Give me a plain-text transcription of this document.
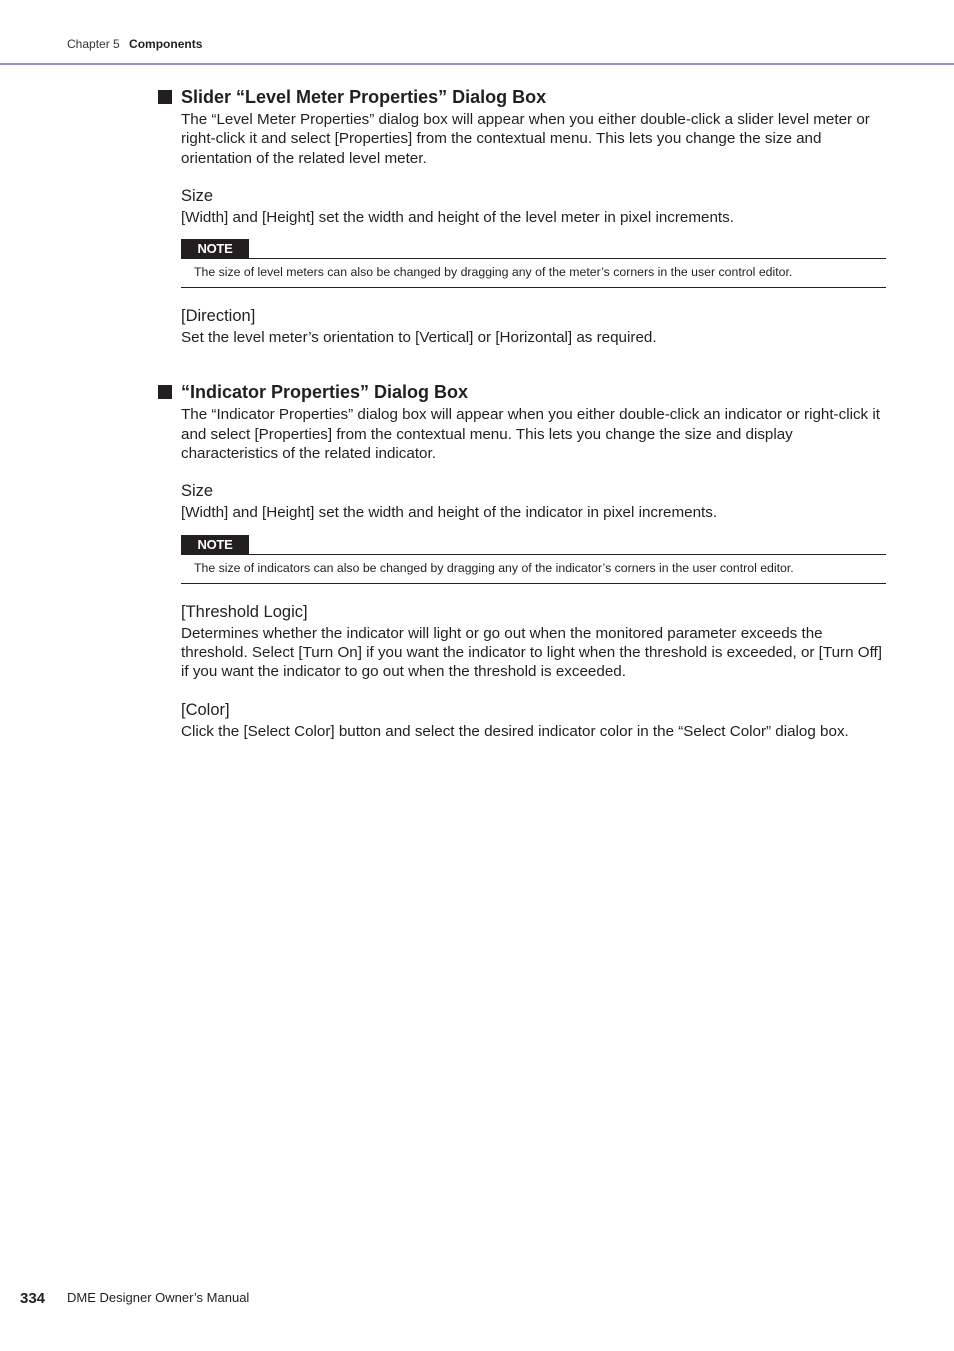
Chapter 5 Components
Slider “Level Meter Properties” Dialog Box

The “Level Meter Properties” dialog box will appear when you either double-click a slider level meter or right-click it and select [Properties] from the contextual menu. This lets you change the size and orientation of the related level meter.

Size

[Width] and [Height] set the width and height of the level meter in pixel increments.

NOTE
The size of level meters can also be changed by dragging any of the meter’s corners in the user control editor.
[Direction]

Set the level meter’s orientation to [Vertical] or [Horizontal] as required.

“Indicator Properties” Dialog Box

The “Indicator Properties” dialog box will appear when you either double-click an indicator or right-click it and select [Properties] from the contextual menu. This lets you change the size and display characteristics of the related indicator.

Size

[Width] and [Height] set the width and height of the indicator in pixel increments.

NOTE
The size of indicators can also be changed by dragging any of the indicator’s corners in the user control editor.
[Threshold Logic]

Determines whether the indicator will light or go out when the monitored parameter exceeds the threshold. Select [Turn On] if you want the indicator to light when the threshold is exceeded, or [Turn Off] if you want the indicator to go out when the threshold is exceeded.

[Color]

Click the [Select Color] button and select the desired indicator color in the “Select Color” dialog box.

334 DME Designer Owner’s Manual
